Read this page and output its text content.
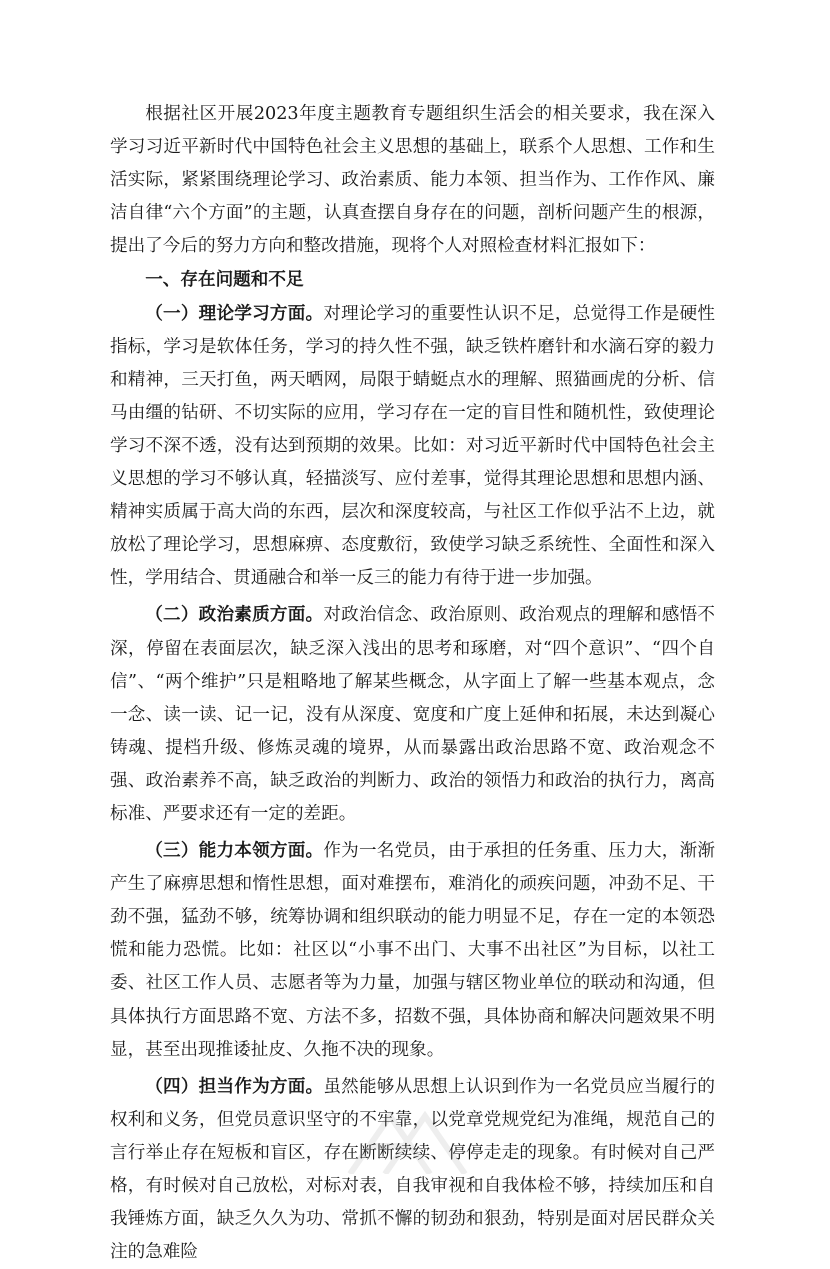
根据社区开展2023年度主题教育专题组织生活会的相关要求，我在深入学习习近平新时代中国特色社会主义思想的基础上，联系个人思想、工作和生活实际，紧紧围绕理论学习、政治素质、能力本领、担当作为、工作作风、廉洁自律“六个方面”的主题，认真查摆自身存在的问题，剖析问题产生的根源，提出了今后的努力方向和整改措施，现将个人对照检查材料汇报如下：

一、存在问题和不足

（一）理论学习方面。对理论学习的重要性认识不足，总觉得工作是硬性指标，学习是软体任务，学习的持久性不强，缺乏铁杵磨针和水滴石穿的毅力和精神，三天打鱼，两天晒网，局限于蜻蜓点水的理解、照猫画虎的分析、信马由缰的钻研、不切实际的应用，学习存在一定的盲目性和随机性，致使理论学习不深不透，没有达到预期的效果。比如：对习近平新时代中国特色社会主义思想的学习不够认真，轻描淡写、应付差事，觉得其理论思想和思想内涵、精神实质属于高大尚的东西，层次和深度较高，与社区工作似乎沾不上边，就放松了理论学习，思想麻痹、态度敷衍，致使学习缺乏系统性、全面性和深入性，学用结合、贯通融合和举一反三的能力有待于进一步加强。

（二）政治素质方面。对政治信念、政治原则、政治观点的理解和感悟不深，停留在表面层次，缺乏深入浅出的思考和琢磨，对“四个意识”、“四个自信”、“两个维护”只是粗略地了解某些概念，从字面上了解一些基本观点，念一念、读一读、记一记，没有从深度、宽度和广度上延伸和拓展，未达到凝心铸魂、提档升级、修炼灵魂的境界，从而暴露出政治思路不宽、政治观念不强、政治素养不高，缺乏政治的判断力、政治的领悟力和政治的执行力，离高标准、严要求还有一定的差距。

（三）能力本领方面。作为一名党员，由于承担的任务重、压力大，渐渐产生了麻痹思想和惰性思想，面对难摆布，难消化的顽疾问题，冲劲不足、干劲不强，猛劲不够，统筹协调和组织联动的能力明显不足，存在一定的本领恐慌和能力恐慌。比如：社区以“小事不出门、大事不出社区”为目标，以社工委、社区工作人员、志愿者等为力量，加强与辖区物业单位的联动和沟通，但具体执行方面思路不宽、方法不多，招数不强，具体协商和解决问题效果不明显，甚至出现推诿扯皮、久拖不决的现象。

（四）担当作为方面。虽然能够从思想上认识到作为一名党员应当履行的权利和义务，但党员意识坚守的不牢靠，以党章党规党纪为准绳，规范自己的言行举止存在短板和盲区，存在断断续续、停停走走的现象。有时候对自己严格，有时候对自己放松，对标对表，自我审视和自我体检不够，持续加压和自我锤炼方面，缺乏久久为功、常抓不懈的韧劲和狠劲，特别是面对居民群众关注的急难险
